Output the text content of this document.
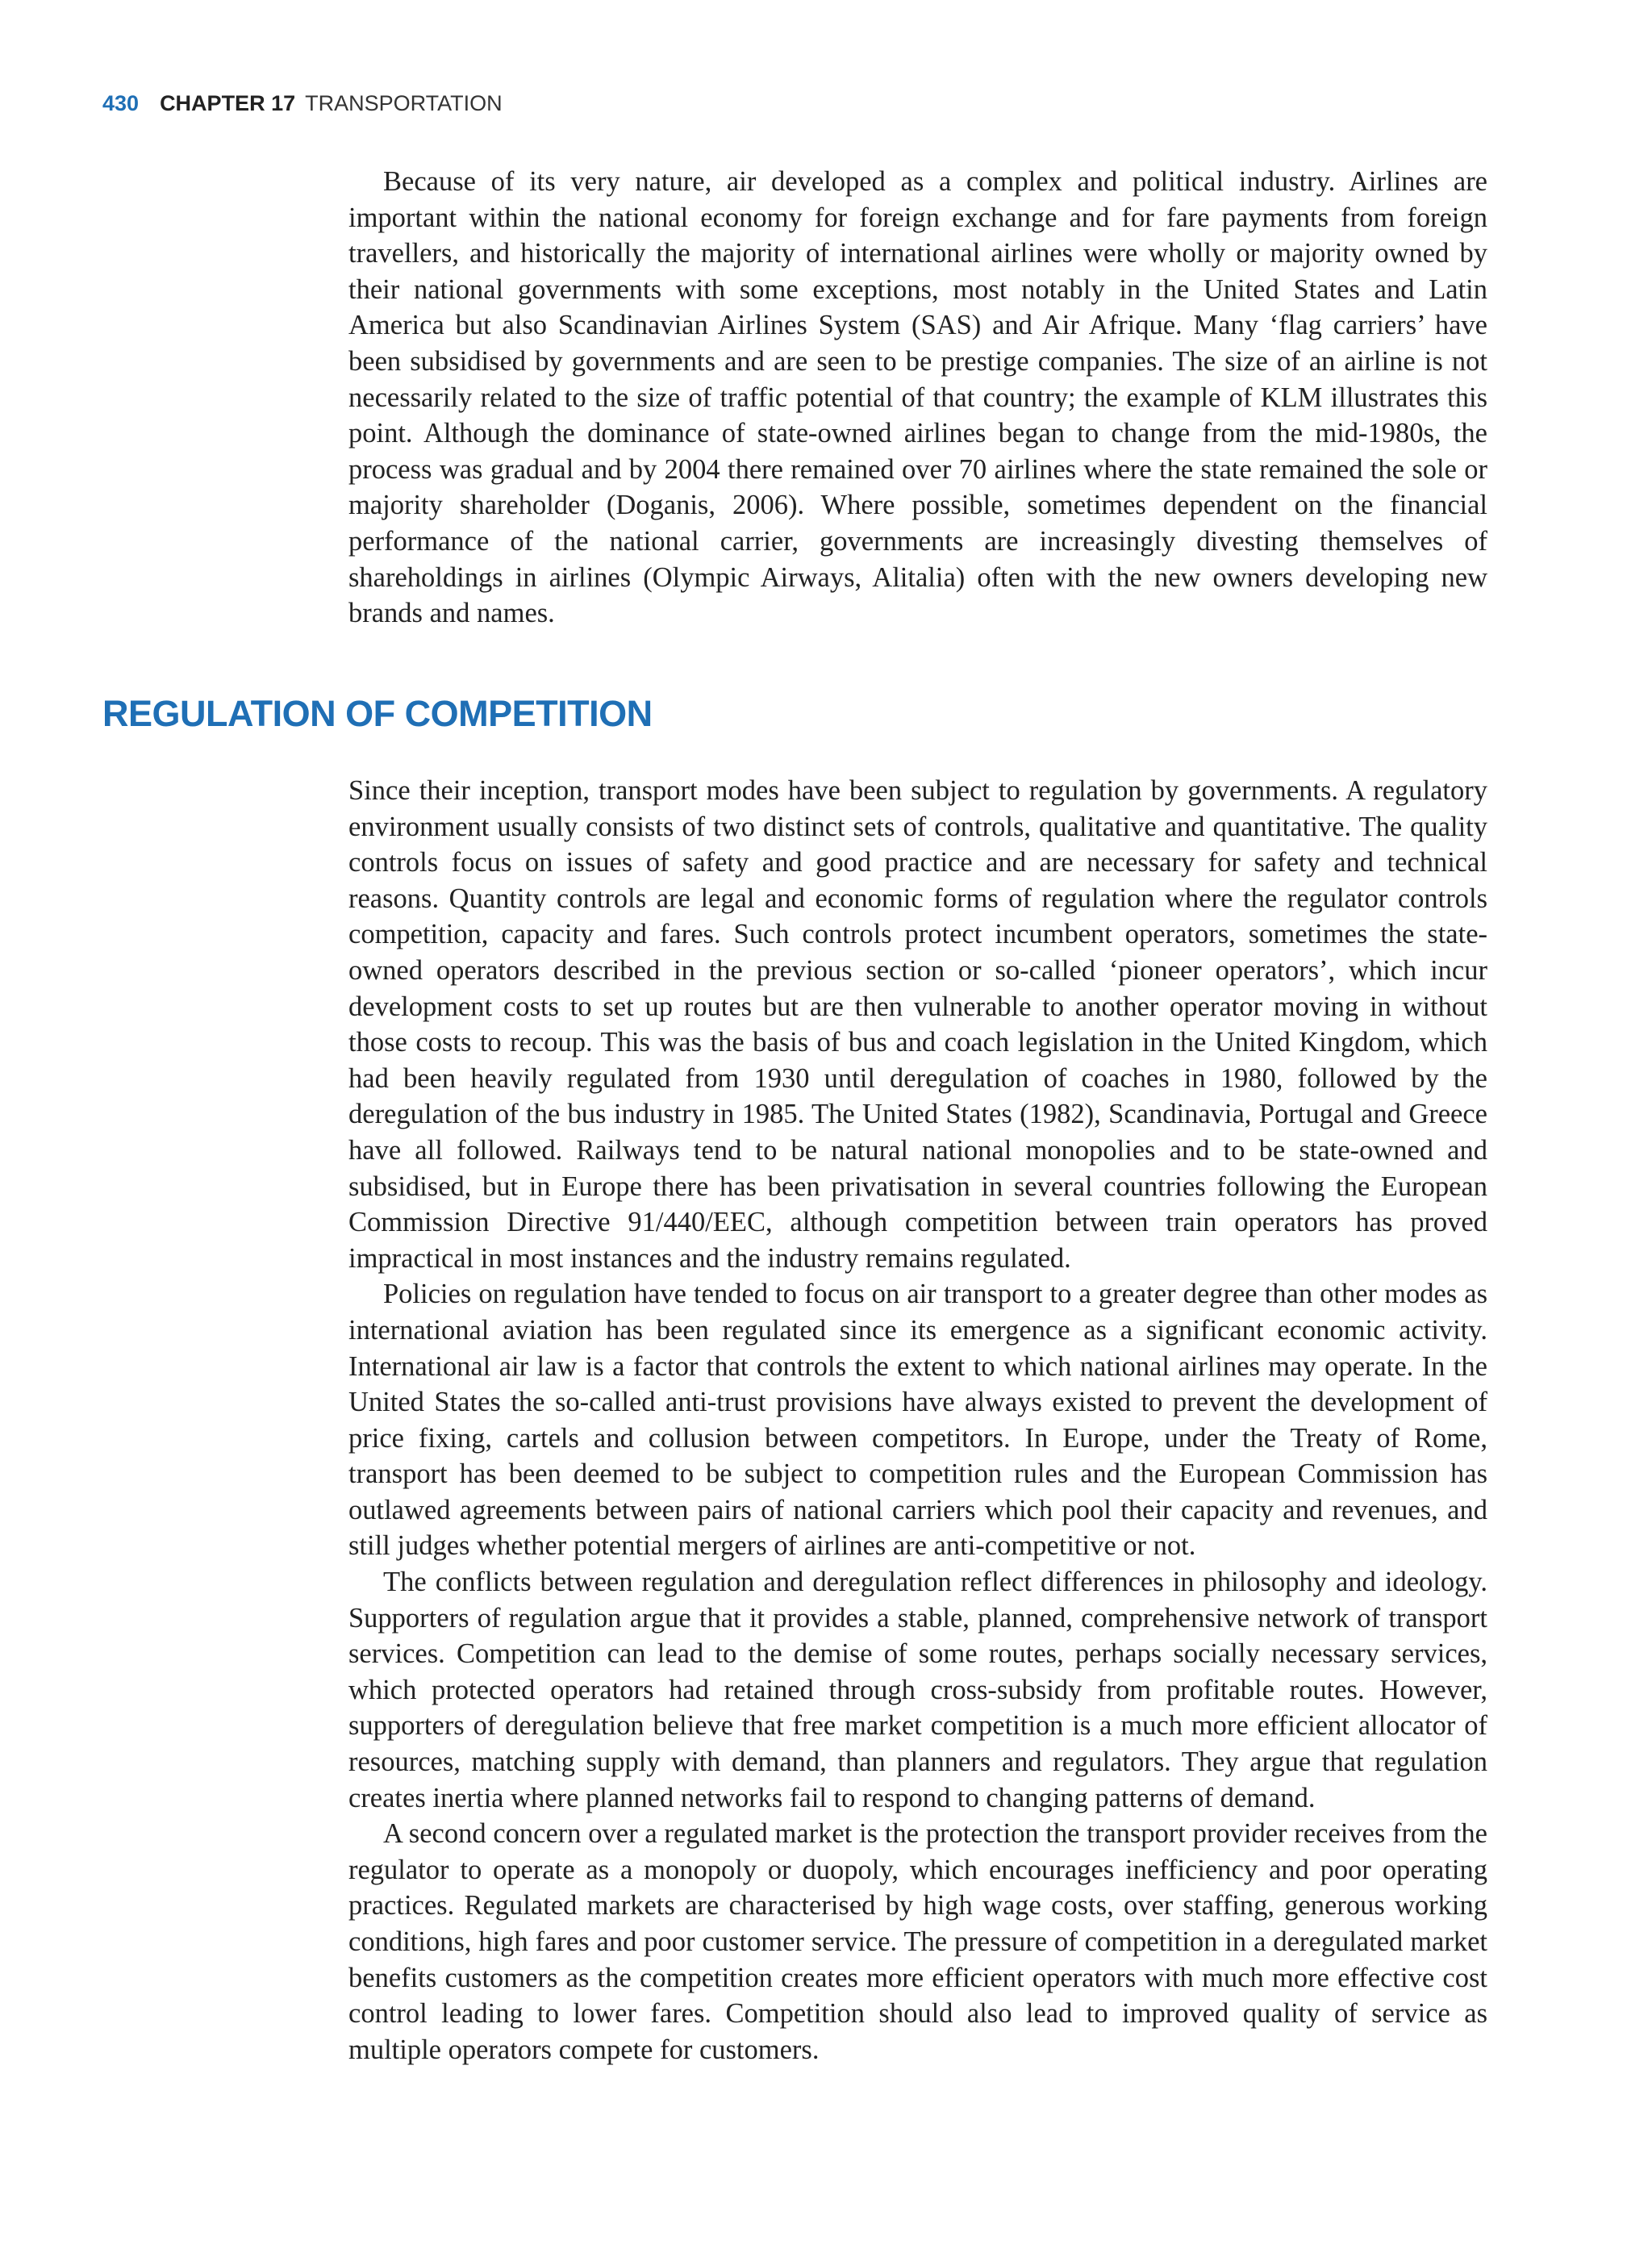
430 CHAPTER 17 TRANSPORTATION

Because of its very nature, air developed as a complex and political industry. Airlines are important within the national economy for foreign exchange and for fare payments from foreign travellers, and historically the majority of international airlines were wholly or majority owned by their national governments with some exceptions, most notably in the United States and Latin America but also Scandinavian Airlines System (SAS) and Air Afrique. Many ‘flag carriers’ have been subsidised by governments and are seen to be prestige companies. The size of an airline is not necessarily related to the size of traffic potential of that country; the example of KLM illustrates this point. Although the dominance of state-owned airlines began to change from the mid-1980s, the process was gradual and by 2004 there remained over 70 airlines where the state remained the sole or majority shareholder (Doganis, 2006). Where possible, sometimes dependent on the financial performance of the national carrier, governments are increasingly divesting themselves of shareholdings in airlines (Olympic Airways, Alitalia) often with the new owners developing new brands and names.

REGULATION OF COMPETITION

Since their inception, transport modes have been subject to regulation by governments. A regulatory environment usually consists of two distinct sets of controls, qualitative and quantitative. The quality controls focus on issues of safety and good practice and are necessary for safety and technical reasons. Quantity controls are legal and economic forms of regulation where the regulator controls competition, capacity and fares. Such controls protect incumbent operators, sometimes the state-owned operators described in the previous section or so-called ‘pioneer operators’, which incur development costs to set up routes but are then vulnerable to another operator moving in without those costs to recoup. This was the basis of bus and coach legislation in the United Kingdom, which had been heavily regulated from 1930 until deregulation of coaches in 1980, followed by the deregulation of the bus industry in 1985. The United States (1982), Scandinavia, Portugal and Greece have all followed. Railways tend to be natural national monopolies and to be state-owned and subsidised, but in Europe there has been privatisation in several countries following the European Commission Directive 91/440/EEC, although competition between train operators has proved impractical in most instances and the industry remains regulated.

Policies on regulation have tended to focus on air transport to a greater degree than other modes as international aviation has been regulated since its emergence as a significant economic activity. International air law is a factor that controls the extent to which national airlines may operate. In the United States the so-called anti-trust provisions have always existed to prevent the development of price fixing, cartels and collusion between competitors. In Europe, under the Treaty of Rome, transport has been deemed to be subject to competition rules and the European Commission has outlawed agreements between pairs of national carriers which pool their capacity and revenues, and still judges whether potential mergers of airlines are anti-competitive or not.

The conflicts between regulation and deregulation reflect differences in philosophy and ideology. Supporters of regulation argue that it provides a stable, planned, comprehensive network of transport services. Competition can lead to the demise of some routes, perhaps socially necessary services, which protected operators had retained through cross-subsidy from profitable routes. However, supporters of deregulation believe that free market competition is a much more efficient allocator of resources, matching supply with demand, than planners and regulators. They argue that regulation creates inertia where planned networks fail to respond to changing patterns of demand.

A second concern over a regulated market is the protection the transport provider receives from the regulator to operate as a monopoly or duopoly, which encourages inefficiency and poor operating practices. Regulated markets are characterised by high wage costs, over staffing, generous working conditions, high fares and poor customer service. The pressure of competition in a deregulated market benefits customers as the competition creates more efficient operators with much more effective cost control leading to lower fares. Competition should also lead to improved quality of service as multiple operators compete for customers.
